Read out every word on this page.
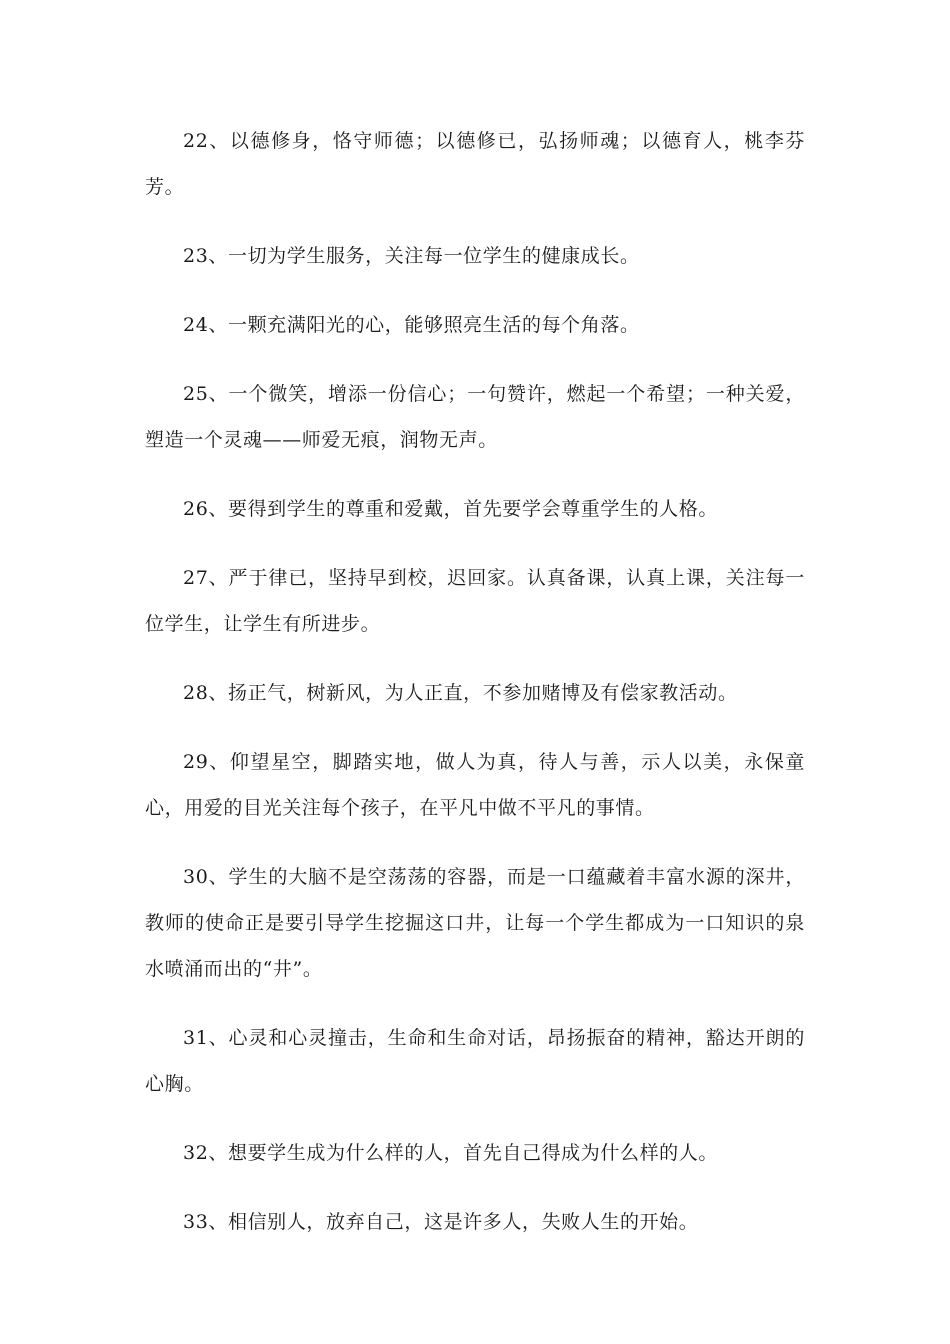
22、以德修身，恪守师德；以德修已，弘扬师魂；以德育人，桃李芬芳。

23、一切为学生服务，关注每一位学生的健康成长。

24、一颗充满阳光的心，能够照亮生活的每个角落。

25、一个微笑，增添一份信心；一句赞许，燃起一个希望；一种关爱，塑造一个灵魂——师爱无痕，润物无声。

26、要得到学生的尊重和爱戴，首先要学会尊重学生的人格。

27、严于律已，坚持早到校，迟回家。认真备课，认真上课，关注每一位学生，让学生有所进步。

28、扬正气，树新风，为人正直，不参加赌博及有偿家教活动。

29、仰望星空，脚踏实地，做人为真，待人与善，示人以美，永保童心，用爱的目光关注每个孩子，在平凡中做不平凡的事情。

30、学生的大脑不是空荡荡的容器，而是一口蕴藏着丰富水源的深井，教师的使命正是要引导学生挖掘这口井，让每一个学生都成为一口知识的泉水喷涌而出的“井”。

31、心灵和心灵撞击，生命和生命对话，昂扬振奋的精神，豁达开朗的心胸。

32、想要学生成为什么样的人，首先自己得成为什么样的人。

33、相信别人，放弃自己，这是许多人，失败人生的开始。
